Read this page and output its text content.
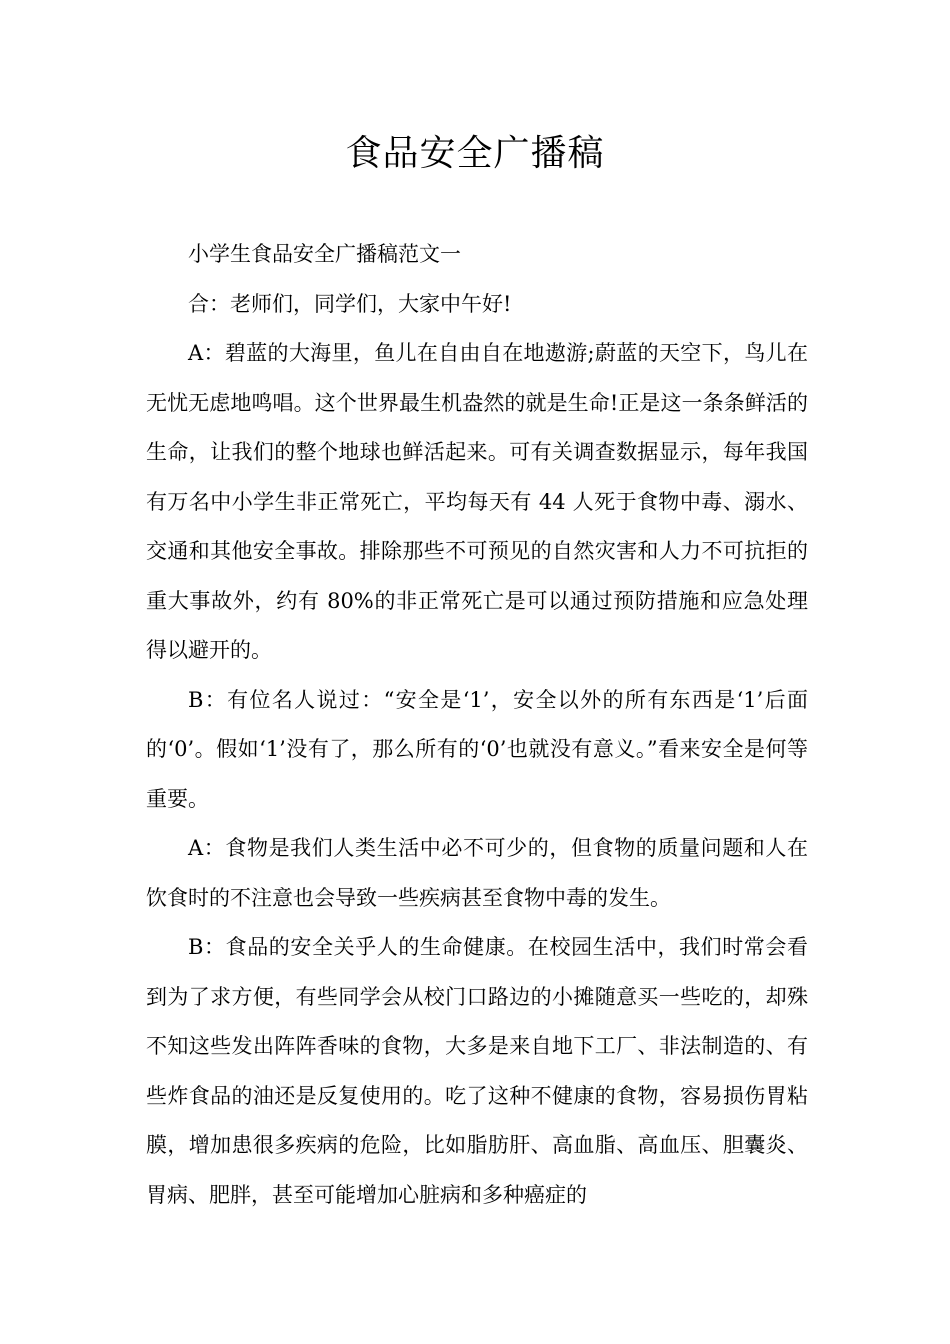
食品安全广播稿

小学生食品安全广播稿范文一

合：老师们，同学们，大家中午好!

A：碧蓝的大海里，鱼儿在自由自在地遨游;蔚蓝的天空下，鸟儿在无忧无虑地鸣唱。这个世界最生机盎然的就是生命!正是这一条条鲜活的生命，让我们的整个地球也鲜活起来。可有关调查数据显示，每年我国有万名中小学生非正常死亡，平均每天有 44 人死于食物中毒、溺水、交通和其他安全事故。排除那些不可预见的自然灾害和人力不可抗拒的重大事故外，约有 80%的非正常死亡是可以通过预防措施和应急处理得以避开的。

B：有位名人说过：“安全是‘1’，安全以外的所有东西是‘1’后面的‘0’。假如‘1’没有了，那么所有的‘0’也就没有意义。”看来安全是何等重要。

A：食物是我们人类生活中必不可少的，但食物的质量问题和人在饮食时的不注意也会导致一些疾病甚至食物中毒的发生。

B：食品的安全关乎人的生命健康。在校园生活中，我们时常会看到为了求方便，有些同学会从校门口路边的小摊随意买一些吃的，却殊不知这些发出阵阵香味的食物，大多是来自地下工厂、非法制造的、有些炸食品的油还是反复使用的。吃了这种不健康的食物，容易损伤胃粘膜，增加患很多疾病的危险，比如脂肪肝、高血脂、高血压、胆囊炎、胃病、肥胖，甚至可能增加心脏病和多种癌症的
